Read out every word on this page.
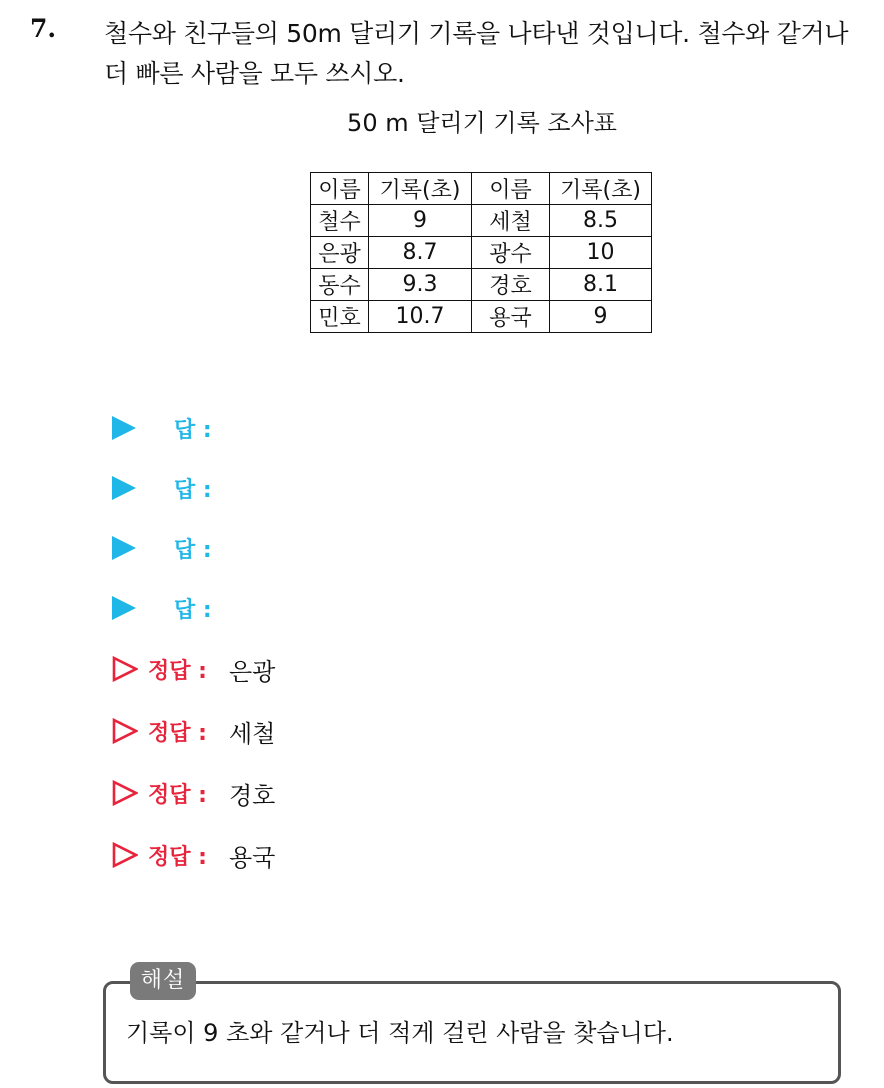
7. 철수와 친구들의 50m 달리기 기록을 나타낸 것입니다. 철수와 같거나 더 빠른 사람을 모두 쓰시오.
50 m 달리기 기록 조사표
이름	기록(초)	이름	기록(초)
철수	9	세철	8.5
은광	8.7	광수	10
동수	9.3	경호	8.1
민호	10.7	용국	9
답 :
답 :
답 :
답 :
정답 : 은광
정답 : 세철
정답 : 경호
정답 : 용국
해설
기록이 9 초와 같거나 더 적게 걸린 사람을 찾습니다.
